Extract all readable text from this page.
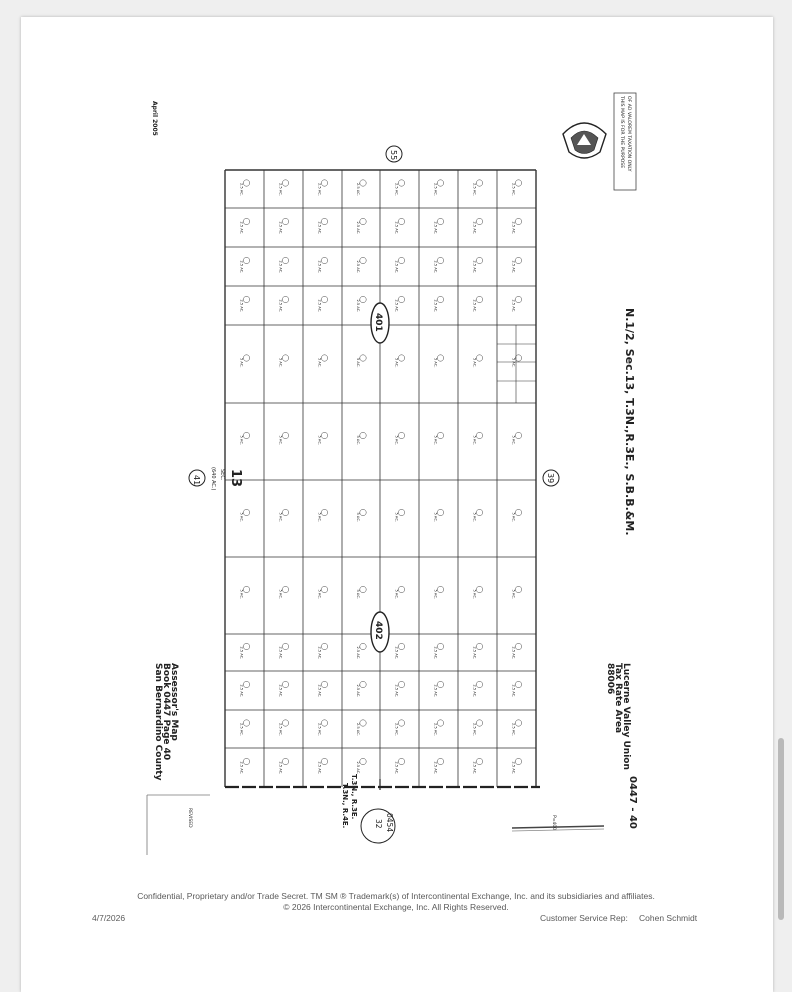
2.5 AC.	2.5 AC.	2.5 AC.	2.5 AC.	2.5 AC.	2.5 AC.	2.5 AC.	2.5 AC.
2.5 AC.	2.5 AC.	2.5 AC.	2.5 AC.	2.5 AC.	2.5 AC.	2.5 AC.	2.5 AC.
2.5 AC.	2.5 AC.	2.5 AC.	2.5 AC.	2.5 AC.	2.5 AC.	2.5 AC.	2.5 AC.
2.5 AC.	2.5 AC.	2.5 AC.	2.5 AC.	2.5 AC.	2.5 AC.	2.5 AC.	2.5 AC.
5 AC.	5 AC.	5 AC.	5 AC.	5 AC.	5 AC.	5 AC.	5 AC.
5 AC.	5 AC.	5 AC.	5 AC.	5 AC.	5 AC.	5 AC.	5 AC.
5 AC.	5 AC.	5 AC.	5 AC.	5 AC.	5 AC.	5 AC.	5 AC.
5 AC.	5 AC.	5 AC.	5 AC.	5 AC.	5 AC.	5 AC.	5 AC.
2.5 AC.	2.5 AC.	2.5 AC.	2.5 AC.	2.5 AC.	2.5 AC.	2.5 AC.	2.5 AC.
2.5 AC.	2.5 AC.	2.5 AC.	2.5 AC.	2.5 AC.	2.5 AC.	2.5 AC.	2.5 AC.
2.5 AC.	2.5 AC.	2.5 AC.	2.5 AC.	2.5 AC.	2.5 AC.	2.5 AC.	2.5 AC.
2.5 AC.	2.5 AC.	2.5 AC.	2.5 AC.	2.5 AC.	2.5 AC.	2.5 AC.	2.5 AC.
THIS MAP IS FOR THE PURPOSE OF AD VALOREM TAXATION ONLY
April 2005
N.1/2, Sec.13, T.3N.,R.3E., S.B.B.&M.
Lucerne Valley Union
Tax Rate Area
88006
0447 - 40
Assessor's Map
Book 0447 Page 40
San Bernardino County
55
39
41
0454
32
401
402
SEC. 13
(640 AC.)
T.3N., R.3E.
T.3N., R.4E.	P=400
REVISED
Confidential, Proprietary and/or Trade Secret. TM SM ® Trademark(s) of Intercontinental Exchange, Inc. and its subsidiaries and affiliates.
© 2026 Intercontinental Exchange, Inc. All Rights Reserved.
4/7/2026	Customer Service Rep: Cohen Schmidt
